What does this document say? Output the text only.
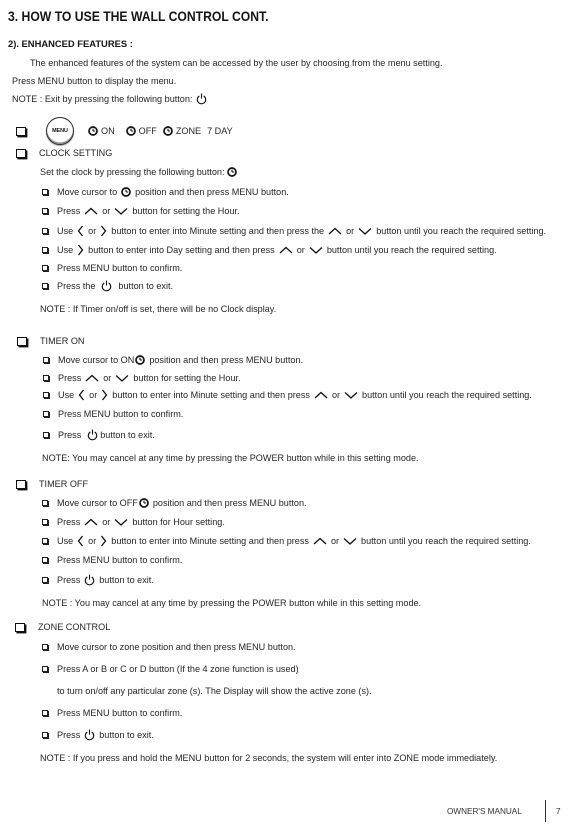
3. HOW TO USE THE WALL CONTROL CONT.
2). ENHANCED FEATURES :
The enhanced features of the system can be accessed by the user by choosing from the menu setting.
Press MENU button to display the menu.
NOTE : Exit by pressing the following button:
MENU	ON	OFF ZONE 7 DAY
CLOCK SETTING
Set the clock by pressing the following button:
Move cursor to position and then press MENU button.
Press or button for setting the Hour.
Use or button to enter into Minute setting and then press the or button until you reach the required setting.
Use button to enter into Day setting and then press or button until you reach the required setting.
Press MENU button to confirm.
Press the	button to exit.
NOTE : If Timer on/off is set, there will be no Clock display.
TIMER ON
Move cursor to ON position and then press MENU button.
Press or button for setting the Hour.
Use or button to enter into Minute setting and then press or button until you reach the required setting.
Press MENU button to confirm.
Press button to exit.
NOTE: You may cancel at any time by pressing the POWER button while in this setting mode.
TIMER OFF
Move cursor to OFF position and then press MENU button.
Press or button for Hour setting.
Use or button to enter into Minute setting and then press or button until you reach the required setting.
Press MENU button to confirm.
Press button to exit.
NOTE : You may cancel at any time by pressing the POWER button while in this setting mode.
ZONE CONTROL
Move cursor to zone position and then press MENU button.
Press A or B or C or D button (If the 4 zone function is used)
to turn on/off any particular zone (s). The Display will show the active zone (s).
Press MENU button to confirm.
Press button to exit.
NOTE : If you press and hold the MENU button for 2 seconds, the system will enter into ZONE mode immediately.
OWNER'S MANUAL	7
